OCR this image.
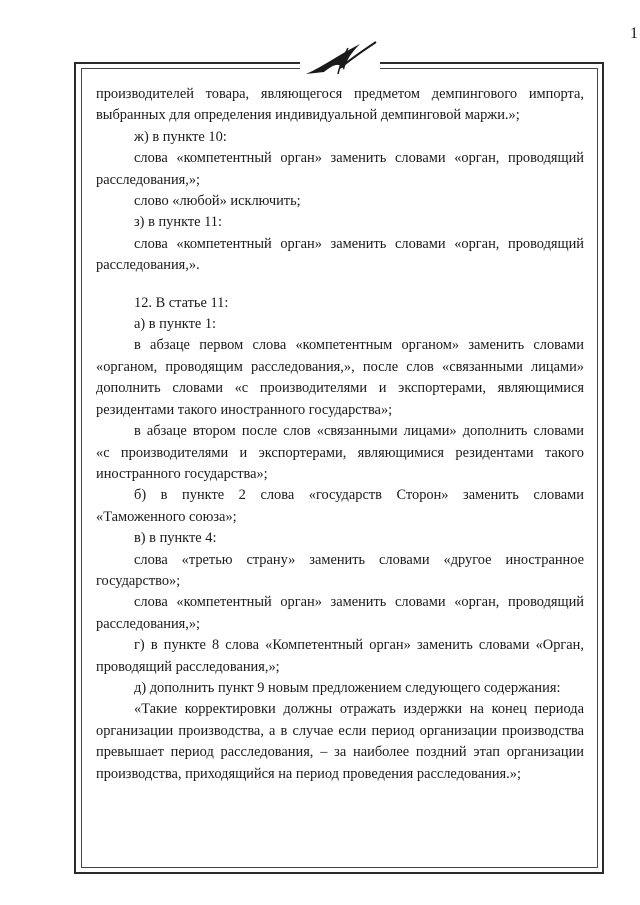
1

производителей товара, являющегося предметом демпингового импорта,

выбранных для определения индивидуальной демпинговой маржи.»;

ж) в пункте 10:

слова «компетентный орган» заменить словами «орган, проводящий

расследования,»;

слово «любой» исключить;

з) в пункте 11:

слова «компетентный орган» заменить словами «орган, проводящий

расследования,».

12. В статье 11:

а) в пункте 1:

в абзаце первом слова «компетентным органом» заменить словами

«органом, проводящим расследования,», после слов «связанными лицами»

дополнить словами «с производителями и экспортерами, являющимися

резидентами такого иностранного государства»;

в абзаце втором после слов «связанными лицами» дополнить словами

«с производителями и экспортерами, являющимися резидентами такого

иностранного государства»;

б) в пункте 2 слова «государств Сторон» заменить словами

«Таможенного союза»;

в) в пункте 4:

слова «третью страну» заменить словами «другое иностранное

государство»;

слова «компетентный орган» заменить словами «орган, проводящий

расследования,»;

г) в пункте 8 слова «Компетентный орган» заменить словами «Орган,

проводящий расследования,»;

д) дополнить пункт 9 новым предложением следующего содержания:

«Такие корректировки должны отражать издержки на конец периода

организации производства, а в случае если период организации производства

превышает период расследования, – за наиболее поздний этап организации

производства, приходящийся на период проведения расследования.»;
